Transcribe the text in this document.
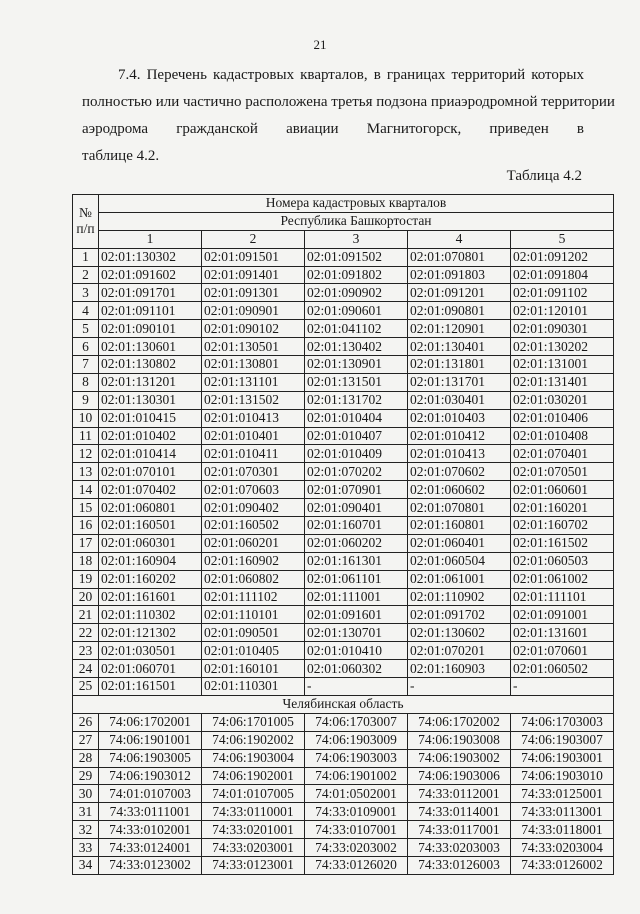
21
7.4. Перечень кадастровых кварталов, в границах территорий которых
полностью или частично расположена третья подзона приаэродромной территории
аэродрома гражданской авиации Магнитогорск, приведен в
таблице 4.2.
Таблица 4.2
№
п/п	Номера кадастровых кварталов				
	Республика Башкортостан				
	1	2	3	4	5
1	02:01:130302	02:01:091501	02:01:091502	02:01:070801	02:01:091202
2	02:01:091602	02:01:091401	02:01:091802	02:01:091803	02:01:091804
3	02:01:091701	02:01:091301	02:01:090902	02:01:091201	02:01:091102
4	02:01:091101	02:01:090901	02:01:090601	02:01:090801	02:01:120101
5	02:01:090101	02:01:090102	02:01:041102	02:01:120901	02:01:090301
6	02:01:130601	02:01:130501	02:01:130402	02:01:130401	02:01:130202
7	02:01:130802	02:01:130801	02:01:130901	02:01:131801	02:01:131001
8	02:01:131201	02:01:131101	02:01:131501	02:01:131701	02:01:131401
9	02:01:130301	02:01:131502	02:01:131702	02:01:030401	02:01:030201
10	02:01:010415	02:01:010413	02:01:010404	02:01:010403	02:01:010406
11	02:01:010402	02:01:010401	02:01:010407	02:01:010412	02:01:010408
12	02:01:010414	02:01:010411	02:01:010409	02:01:010413	02:01:070401
13	02:01:070101	02:01:070301	02:01:070202	02:01:070602	02:01:070501
14	02:01:070402	02:01:070603	02:01:070901	02:01:060602	02:01:060601
15	02:01:060801	02:01:090402	02:01:090401	02:01:070801	02:01:160201
16	02:01:160501	02:01:160502	02:01:160701	02:01:160801	02:01:160702
17	02:01:060301	02:01:060201	02:01:060202	02:01:060401	02:01:161502
18	02:01:160904	02:01:160902	02:01:161301	02:01:060504	02:01:060503
19	02:01:160202	02:01:060802	02:01:061101	02:01:061001	02:01:061002
20	02:01:161601	02:01:111102	02:01:111001	02:01:110902	02:01:111101
21	02:01:110302	02:01:110101	02:01:091601	02:01:091702	02:01:091001
22	02:01:121302	02:01:090501	02:01:130701	02:01:130602	02:01:131601
23	02:01:030501	02:01:010405	02:01:010410	02:01:070201	02:01:070601
24	02:01:060701	02:01:160101	02:01:060302	02:01:160903	02:01:060502
25	02:01:161501	02:01:110301	-	-	-
Челябинская область					
26	74:06:1702001	74:06:1701005	74:06:1703007	74:06:1702002	74:06:1703003
27	74:06:1901001	74:06:1902002	74:06:1903009	74:06:1903008	74:06:1903007
28	74:06:1903005	74:06:1903004	74:06:1903003	74:06:1903002	74:06:1903001
29	74:06:1903012	74:06:1902001	74:06:1901002	74:06:1903006	74:06:1903010
30	74:01:0107003	74:01:0107005	74:01:0502001	74:33:0112001	74:33:0125001
31	74:33:0111001	74:33:0110001	74:33:0109001	74:33:0114001	74:33:0113001
32	74:33:0102001	74:33:0201001	74:33:0107001	74:33:0117001	74:33:0118001
33	74:33:0124001	74:33:0203001	74:33:0203002	74:33:0203003	74:33:0203004
34	74:33:0123002	74:33:0123001	74:33:0126020	74:33:0126003	74:33:0126002
